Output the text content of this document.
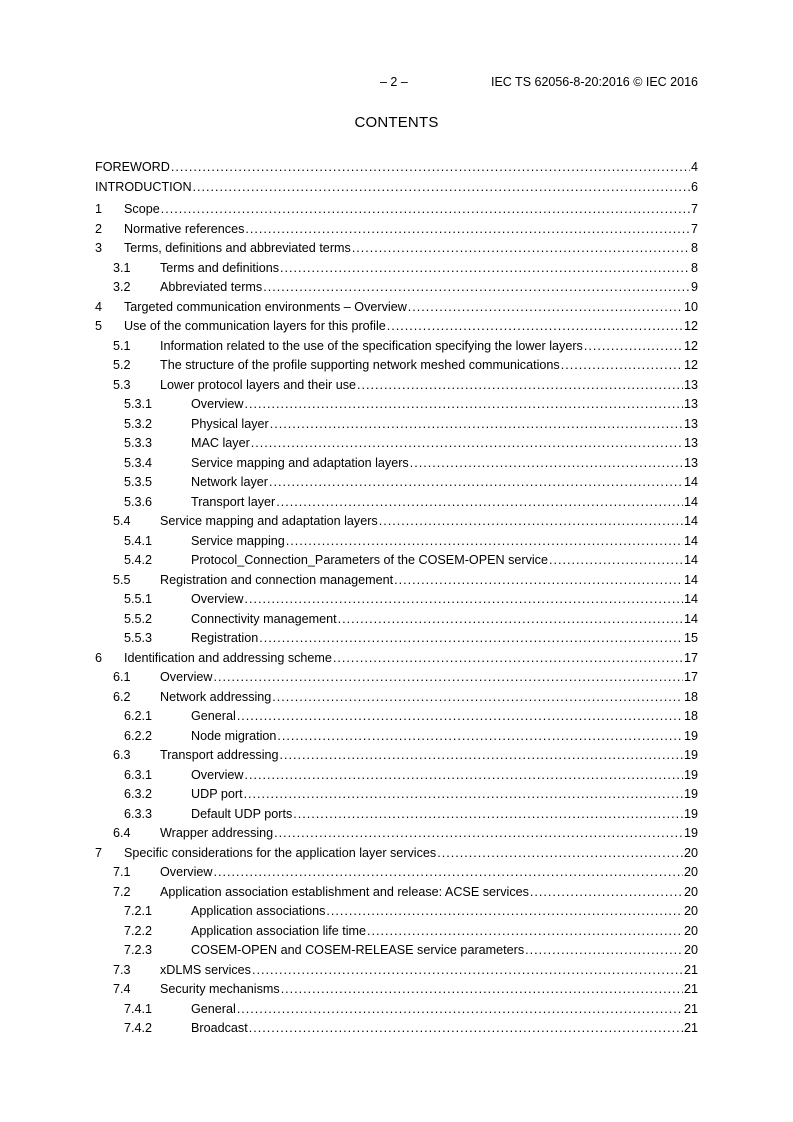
– 2 –	IEC TS 62056-8-20:2016 © IEC 2016
CONTENTS
FOREWORD .....	4
INTRODUCTION .....	6
1	Scope .....	7
2	Normative references .....	7
3	Terms, definitions and abbreviated terms .....	8
3.1	Terms and definitions .....	8
3.2	Abbreviated terms .....	9
4	Targeted communication environments – Overview .....	10
5	Use of the communication layers for this profile .....	12
5.1	Information related to the use of the specification specifying the lower layers .....	12
5.2	The structure of the profile supporting network meshed communications .....	12
5.3	Lower protocol layers and their use .....	13
5.3.1	Overview .....	13
5.3.2	Physical layer .....	13
5.3.3	MAC layer .....	13
5.3.4	Service mapping and adaptation layers .....	13
5.3.5	Network layer .....	14
5.3.6	Transport layer .....	14
5.4	Service mapping and adaptation layers .....	14
5.4.1	Service mapping .....	14
5.4.2	Protocol_Connection_Parameters of the COSEM-OPEN service .....	14
5.5	Registration and connection management .....	14
5.5.1	Overview .....	14
5.5.2	Connectivity management .....	14
5.5.3	Registration .....	15
6	Identification and addressing scheme .....	17
6.1	Overview .....	17
6.2	Network addressing .....	18
6.2.1	General .....	18
6.2.2	Node migration .....	19
6.3	Transport addressing .....	19
6.3.1	Overview .....	19
6.3.2	UDP port .....	19
6.3.3	Default UDP ports .....	19
6.4	Wrapper addressing .....	19
7	Specific considerations for the application layer services .....	20
7.1	Overview .....	20
7.2	Application association establishment and release: ACSE services .....	20
7.2.1	Application associations .....	20
7.2.2	Application association life time .....	20
7.2.3	COSEM-OPEN and COSEM-RELEASE service parameters .....	20
7.3	xDLMS services .....	21
7.4	Security mechanisms .....	21
7.4.1	General .....	21
7.4.2	Broadcast .....	21
